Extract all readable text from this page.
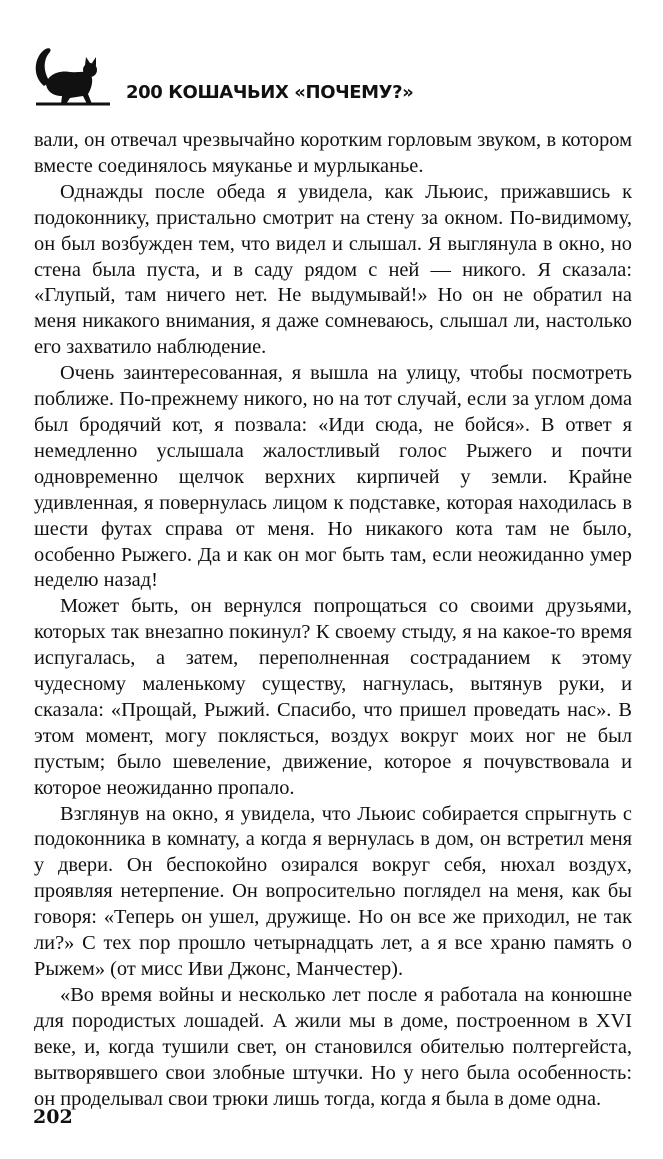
200 КОШАЧЬИХ «ПОЧЕМУ?»

вали, он отвечал чрезвычайно коротким горловым звуком, в котором вместе соединялось мяуканье и мурлыканье.

Однажды после обеда я увидела, как Льюис, прижавшись к подоконнику, пристально смотрит на стену за окном. По-видимому, он был возбужден тем, что видел и слышал. Я выглянула в окно, но стена была пуста, и в саду рядом с ней — никого. Я сказала: «Глупый, там ничего нет. Не выдумывай!» Но он не обратил на меня никакого внимания, я даже сомневаюсь, слышал ли, настолько его захватило наблюдение.

Очень заинтересованная, я вышла на улицу, чтобы посмотреть поближе. По-прежнему никого, но на тот случай, если за углом дома был бродячий кот, я позвала: «Иди сюда, не бойся». В ответ я немедленно услышала жалостливый голос Рыжего и почти одновременно щелчок верхних кирпичей у земли. Крайне удивленная, я повернулась лицом к подставке, которая находилась в шести футах справа от меня. Но никакого кота там не было, особенно Рыжего. Да и как он мог быть там, если неожиданно умер неделю назад!

Может быть, он вернулся попрощаться со своими друзьями, которых так внезапно покинул? К своему стыду, я на какое-то время испугалась, а затем, переполненная состраданием к этому чудесному маленькому существу, нагнулась, вытянув руки, и сказала: «Прощай, Рыжий. Спасибо, что пришел проведать нас». В этом момент, могу поклясться, воздух вокруг моих ног не был пустым; было шевеление, движение, которое я почувствовала и которое неожиданно пропало.

Взглянув на окно, я увидела, что Льюис собирается спрыгнуть с подоконника в комнату, а когда я вернулась в дом, он встретил меня у двери. Он беспокойно озирался вокруг себя, нюхал воздух, проявляя нетерпение. Он вопросительно поглядел на меня, как бы говоря: «Теперь он ушел, дружище. Но он все же приходил, не так ли?» С тех пор прошло четырнадцать лет, а я все храню память о Рыжем» (от мисс Иви Джонс, Манчестер).

«Во время войны и несколько лет после я работала на конюшне для породистых лошадей. А жили мы в доме, построенном в XVI веке, и, когда тушили свет, он становился обителью полтергейста, вытворявшего свои злобные штучки. Но у него была особенность: он проделывал свои трюки лишь тогда, когда я была в доме одна.

202
